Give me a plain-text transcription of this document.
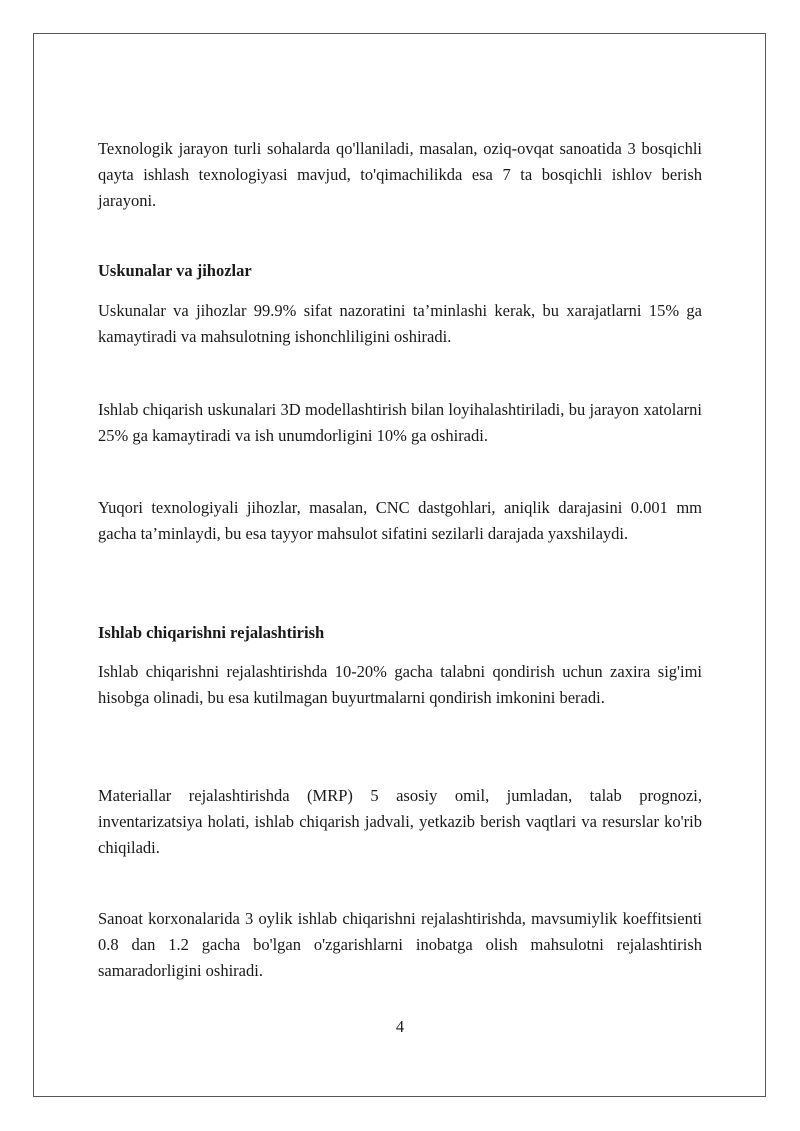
Texnologik jarayon turli sohalarda qo'llaniladi, masalan, oziq-ovqat sanoatida 3 bosqichli qayta ishlash texnologiyasi mavjud, to'qimachilikda esa 7 ta bosqichli ishlov berish jarayoni.

Uskunalar va jihozlar

Uskunalar va jihozlar 99.9% sifat nazoratini ta’minlashi kerak, bu xarajatlarni 15% ga kamaytiradi va mahsulotning ishonchliligini oshiradi.

Ishlab chiqarish uskunalari 3D modellashtirish bilan loyihalashtiriladi, bu jarayon xatolarni 25% ga kamaytiradi va ish unumdorligini 10% ga oshiradi.

Yuqori texnologiyali jihozlar, masalan, CNC dastgohlari, aniqlik darajasini 0.001 mm gacha ta’minlaydi, bu esa tayyor mahsulot sifatini sezilarli darajada yaxshilaydi.

Ishlab chiqarishni rejalashtirish

Ishlab chiqarishni rejalashtirishda 10-20% gacha talabni qondirish uchun zaxira sig'imi hisobga olinadi, bu esa kutilmagan buyurtmalarni qondirish imkonini beradi.

Materiallar rejalashtirishda (MRP) 5 asosiy omil, jumladan, talab prognozi, inventarizatsiya holati, ishlab chiqarish jadvali, yetkazib berish vaqtlari va resurslar ko'rib chiqiladi.

Sanoat korxonalarida 3 oylik ishlab chiqarishni rejalashtirishda, mavsumiylik koeffitsienti 0.8 dan 1.2 gacha bo'lgan o'zgarishlarni inobatga olish mahsulotni rejalashtirish samaradorligini oshiradi.

4
